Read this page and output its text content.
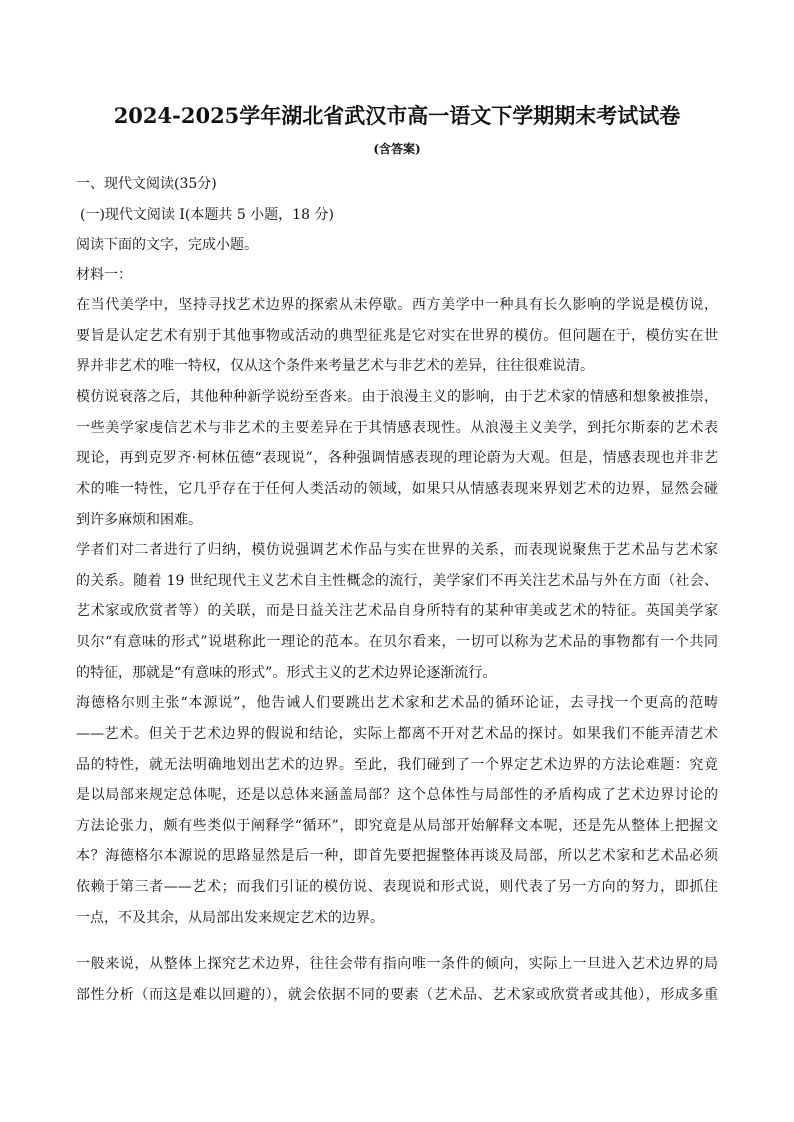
2024-2025学年湖北省武汉市高一语文下学期期末考试试卷
(含答案)
一、现代文阅读(35分)
(一)现代文阅读 I(本题共 5 小题，18 分)
阅读下面的文字，完成小题。
材料一：
在当代美学中，坚持寻找艺术边界的探索从未停歇。西方美学中一种具有长久影响的学说是模仿说，
要旨是认定艺术有别于其他事物或活动的典型征兆是它对实在世界的模仿。但问题在于，模仿实在世
界并非艺术的唯一特权，仅从这个条件来考量艺术与非艺术的差异，往往很难说清。
模仿说衰落之后，其他种种新学说纷至沓来。由于浪漫主义的影响，由于艺术家的情感和想象被推崇，
一些美学家虔信艺术与非艺术的主要差异在于其情感表现性。从浪漫主义美学，到托尔斯泰的艺术表
现论，再到克罗齐·柯林伍德“表现说”，各种强调情感表现的理论蔚为大观。但是，情感表现也并非艺
术的唯一特性，它几乎存在于任何人类活动的领域，如果只从情感表现来界划艺术的边界，显然会碰
到许多麻烦和困难。
学者们对二者进行了归纳，模仿说强调艺术作品与实在世界的关系，而表现说聚焦于艺术品与艺术家
的关系。随着 19 世纪现代主义艺术自主性概念的流行，美学家们不再关注艺术品与外在方面（社会、
艺术家或欣赏者等）的关联，而是日益关注艺术品自身所特有的某种审美或艺术的特征。英国美学家
贝尔“有意味的形式”说堪称此一理论的范本。在贝尔看来，一切可以称为艺术品的事物都有一个共同
的特征，那就是“有意味的形式”。形式主义的艺术边界论逐渐流行。
海德格尔则主张“本源说”，他告诫人们要跳出艺术家和艺术品的循环论证，去寻找一个更高的范畴
——艺术。但关于艺术边界的假说和结论，实际上都离不开对艺术品的探讨。如果我们不能弄清艺术
品的特性，就无法明确地划出艺术的边界。至此，我们碰到了一个界定艺术边界的方法论难题：究竟
是以局部来规定总体呢，还是以总体来涵盖局部？这个总体性与局部性的矛盾构成了艺术边界讨论的
方法论张力，颇有些类似于阐释学“循环”，即究竟是从局部开始解释文本呢，还是先从整体上把握文
本？海德格尔本源说的思路显然是后一种，即首先要把握整体再谈及局部，所以艺术家和艺术品必须
依赖于第三者——艺术；而我们引证的模仿说、表现说和形式说，则代表了另一方向的努力，即抓住
一点，不及其余，从局部出发来规定艺术的边界。
一般来说，从整体上探究艺术边界，往往会带有指向唯一条件的倾向，实际上一旦进入艺术边界的局
部性分析（而这是难以回避的），就会依据不同的要素（艺术品、艺术家或欣赏者或其他），形成多重
